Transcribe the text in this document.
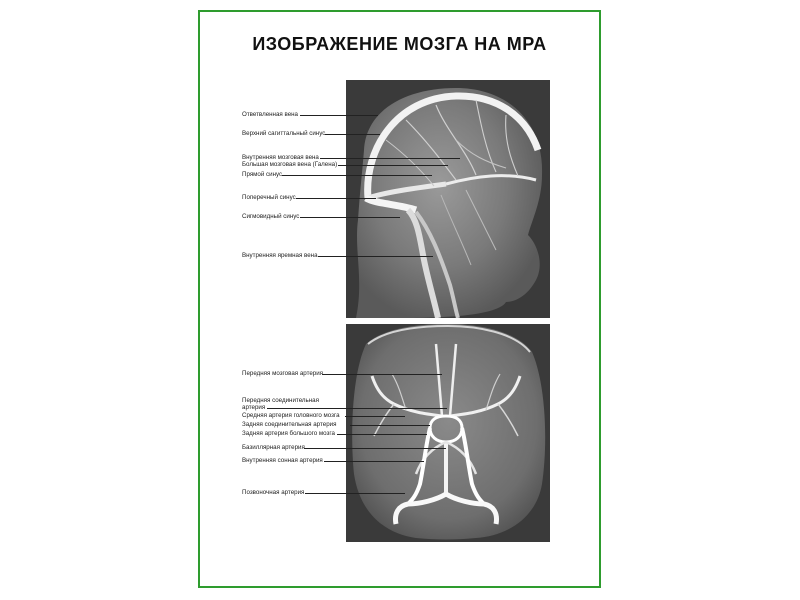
ИЗОБРАЖЕНИЕ МОЗГА НА МРА
Ответвленная вена
Верхний сагиттальный синус
Внутренняя мозговая вена
Большая мозговая вена (Галена)
Прямой синус
Поперечный синус
Сигмовидный синус
Внутренняя яремная вена
Передняя мозговая артерия
Передняя соединительная
артерия
Средняя артерия головного мозга
Задняя соединительная артерия
Задняя артерия большого мозга
Базиллярная артерия
Внутренняя сонная артерия
Позвоночная артерия
